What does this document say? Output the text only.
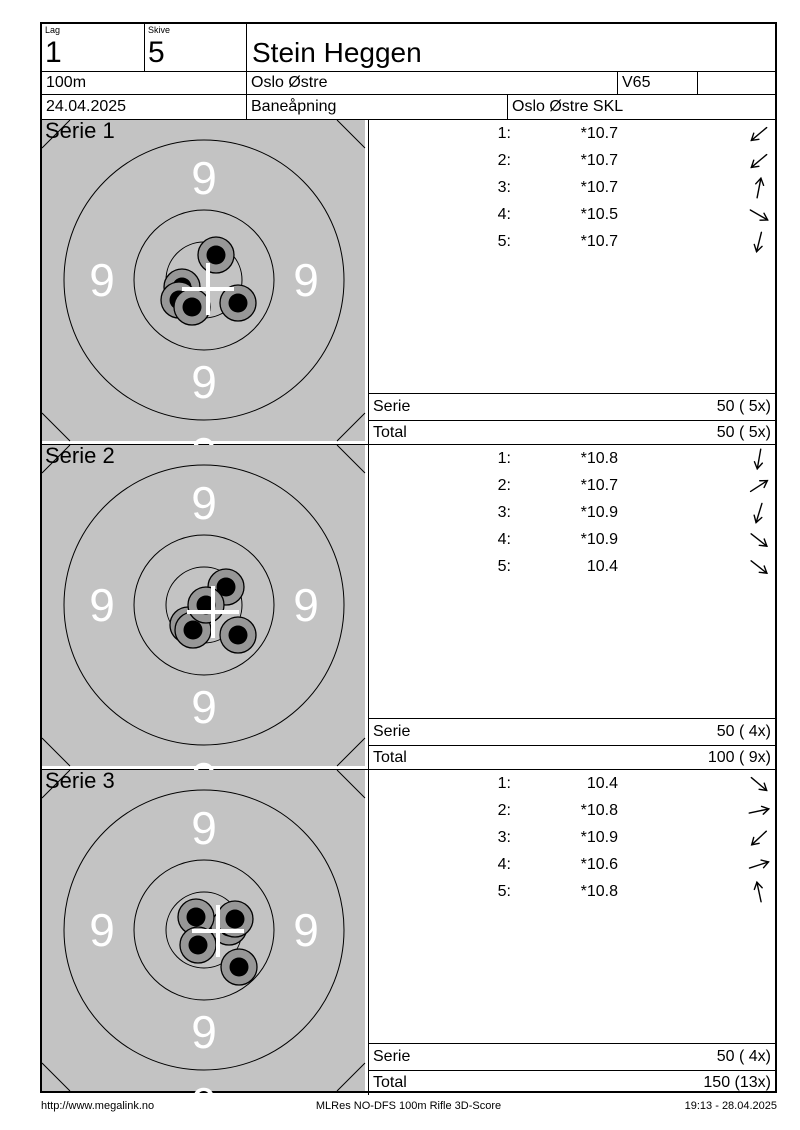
Lag
1
Skive
5	Stein Heggen
100m	Oslo Østre	V65
24.04.2025	Baneåpning	Oslo Østre SKL
9
9	9
9
Serie 1	1:	*10.7
2:	*10.7
3:	*10.7
4:	*10.5
5:	*10.7
Serie	50 ( 5x)
Total	50 ( 5x)
9
9	9
9
Serie 2	1:	*10.8
2:	*10.7
3:	*10.9
4:	*10.9
5:	10.4
Serie	50 ( 4x)
Total	100 ( 9x)
9
9	9
9
9
Serie 3	1:	10.4
2:	*10.8
3:	*10.9
4:	*10.6
5:	*10.8
Serie	50 ( 4x)
Total	150 (13x)
http://www.megalink.no	MLRes NO-DFS 100m Rifle 3D-Score	19:13 - 28.04.2025
